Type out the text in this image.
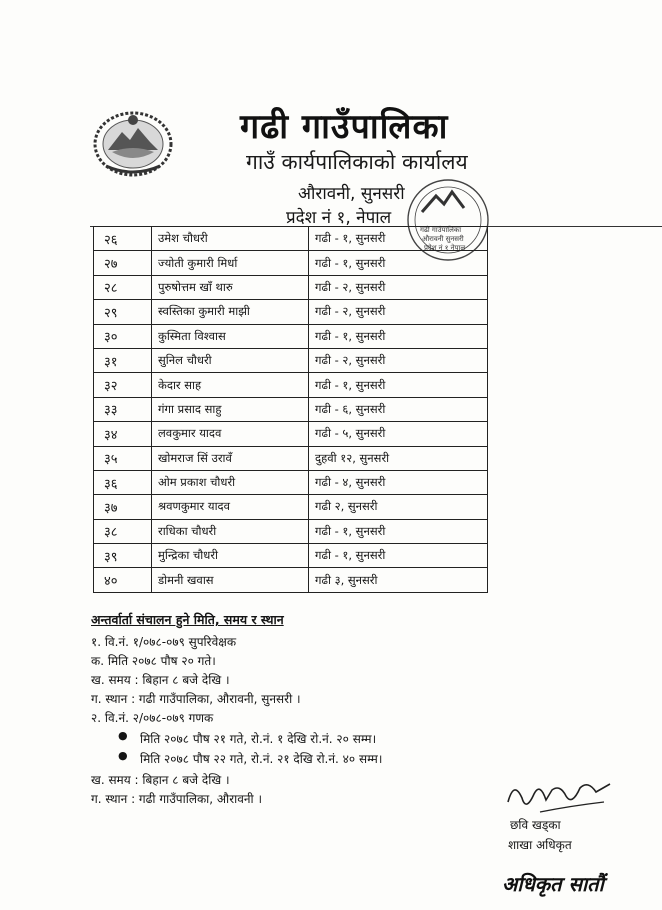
गढी गाउँपालिका
गाउँ कार्यपालिकाको कार्यालय
औरावनी, सुनसरी
प्रदेश नं १, नेपाल
गढी गाउँपालिका
औरावनी सुनसरी
प्रदेश नं १ नेपाल
२६	उमेश चौधरी	गढी - १, सुनसरी
२७	ज्योती कुमारी मिर्धा	गढी - १, सुनसरी
२८	पुरुषोत्तम खाँ थारु	गढी - २, सुनसरी
२९	स्वस्तिका कुमारी माझी	गढी - २, सुनसरी
३०	कुस्मिता विश्वास	गढी - १, सुनसरी
३१	सुनिल चौधरी	गढी - २, सुनसरी
३२	केदार साह	गढी - १, सुनसरी
३३	गंगा प्रसाद साहु	गढी - ६, सुनसरी
३४	लवकुमार यादव	गढी - ५, सुनसरी
३५	खोमराज सिं उरावँ	दुहवी १२, सुनसरी
३६	ओम प्रकाश चौधरी	गढी - ४, सुनसरी
३७	श्रवणकुमार यादव	गढी २, सुनसरी
३८	राधिका चौधरी	गढी - १, सुनसरी
३९	मुन्द्रिका चौधरी	गढी - १, सुनसरी
४०	डोमनी खवास	गढी ३, सुनसरी
अन्तर्वार्ता संचालन हुने मिति, समय र स्थान
१. वि.नं. १/०७८-०७९ सुपरिवेक्षक
क. मिति २०७८ पौष २० गते।
ख. समय : बिहान ८ बजे देखि ।
ग. स्थान : गढी गाउँपालिका, औरावनी, सुनसरी ।
२. वि.नं. २/०७८-०७९ गणक
● मिति २०७८ पौष २१ गते, रो.नं. १ देखि रो.नं. २० सम्म।
● मिति २०७८ पौष २२ गते, रो.नं. २१ देखि रो.नं. ४० सम्म।
ख. समय : बिहान ८ बजे देखि ।
ग. स्थान : गढी गाउँपालिका, औरावनी ।
छवि खड्का
शाखा अधिकृत
अधिकृत सातौं
